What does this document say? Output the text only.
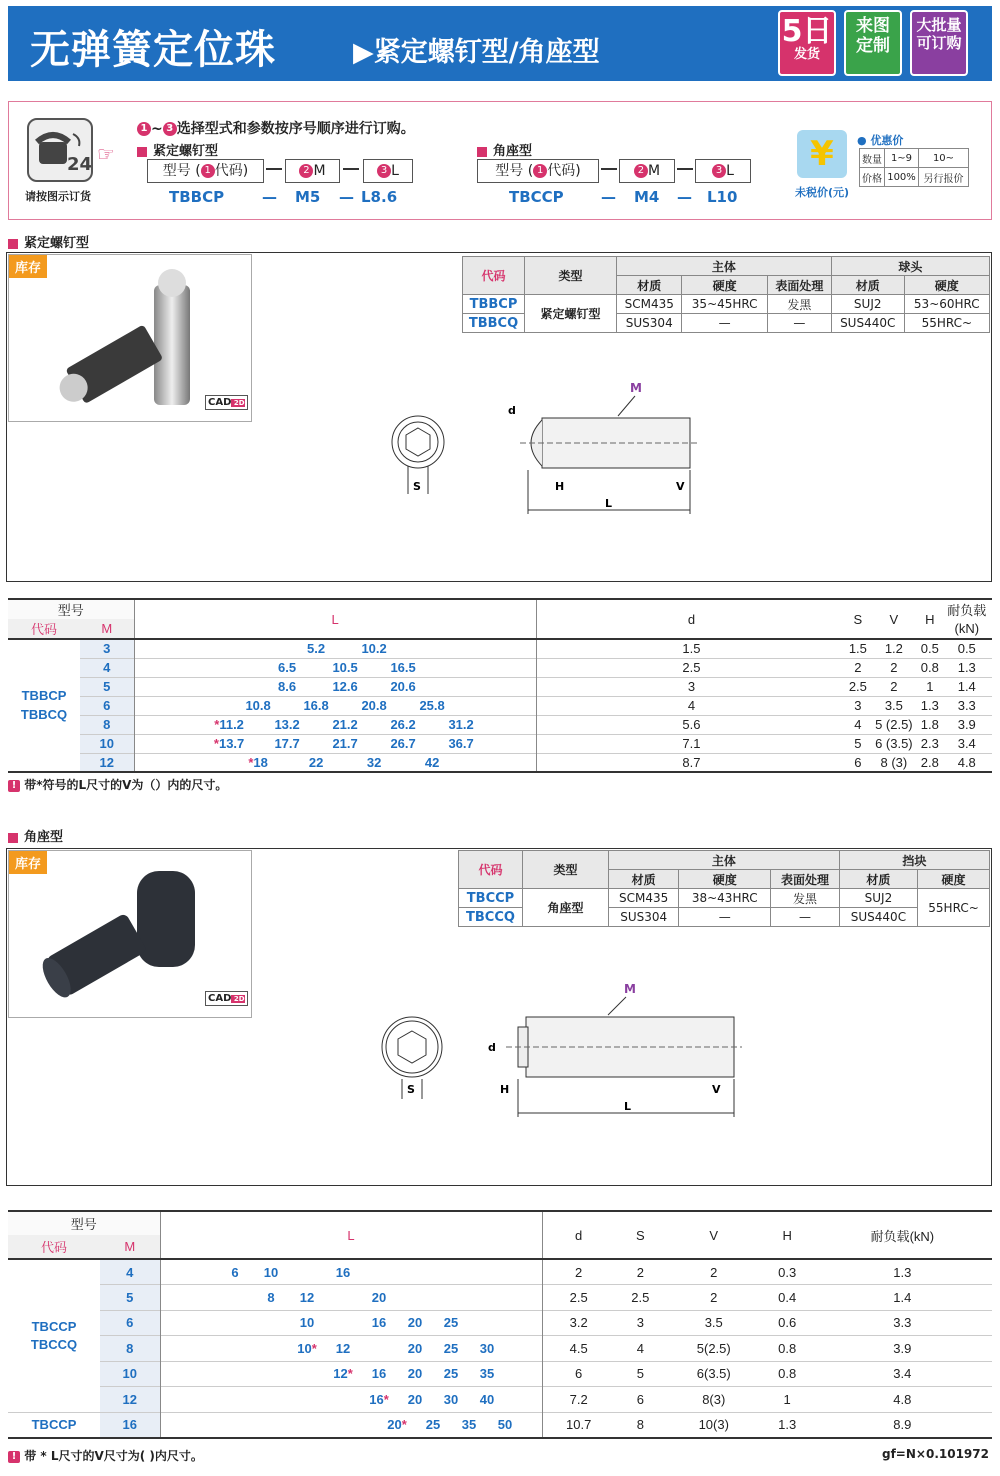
无弹簧定位珠	▶紧定螺钉型/角座型
5日
发货
来图
定制
大批量
可订购
24 ☞
请按图示订货
1 ~ 3 选择型式和参数按序号顺序进行订购。
紧定螺钉型
型号 ( 1 代码)	2 M	3 L
TBBCP	— M5 — L8.6
角座型
型号 ( 1 代码)	2 M	3 L
TBCCP — M4 — L10
¥
未税价(元)
● 优惠价
数量	1~9	10~
价格	100%	另行报价
紧定螺钉型
库存
CAD 2D
代码	类型	主体			球头	
		材质	硬度	表面处理	材质	硬度
TBBCP	紧定螺钉型	SCM435	35~45HRC	发黑	SUJ2	53~60HRC
TBBCQ		SUS304	—	—	SUS440C	55HRC~
S
d
M
H	V
L
型号		L	d	S	V	H	耐负载
代码	M						(kN)
TBBCP
TBBCQ	3	5.2 10.2	1.5	1.5	1.2	0.5	0.5
	4	6.5 10.5 16.5	2.5	2	2	0.8	1.3
	5	8.6 12.6 20.6	3	2.5	2	1	1.4
	6	10.8 16.8 20.8 25.8	4	3	3.5	1.3	3.3
	8	*11.2 13.2 21.2 26.2 31.2	5.6	4	5 (2.5)	1.8	3.9
	10	*13.7 17.7 21.7 26.7 36.7	7.1	5	6 (3.5)	2.3	3.4
	12	*18 22 32 42	8.7	6	8 (3)	2.8	4.8
! 带*符号的L尺寸的V为（）内的尺寸。
角座型
库存
CAD 2D
代码	类型	主体			挡块	
		材质	硬度	表面处理	材质	硬度
TBCCP	角座型	SCM435	38~43HRC	发黑	SUJ2	55HRC~
TBCCQ		SUS304	—	—	SUS440C	
S
d
M
H	V
L
型号		L	d	S	V	H	耐负载(kN)
代码	M						
TBCCP
TBCCQ	4	6 10 16	2	2	2	0.3	1.3
	5	8 12 20	2.5	2.5	2	0.4	1.4
	6	10 16 20 25	3.2	3	3.5	0.6	3.3
	8	10* 12 20 25 30	4.5	4	5(2.5)	0.8	3.9
	10	12* 16 20 25 35	6	5	6(3.5)	0.8	3.4
	12	16* 20 30 40	7.2	6	8(3)	1	4.8
TBCCP	16	20* 25 35 50	10.7	8	10(3)	1.3	8.9
! 带 * L尺寸的V尺寸为( )内尺寸。	gf=N×0.101972
